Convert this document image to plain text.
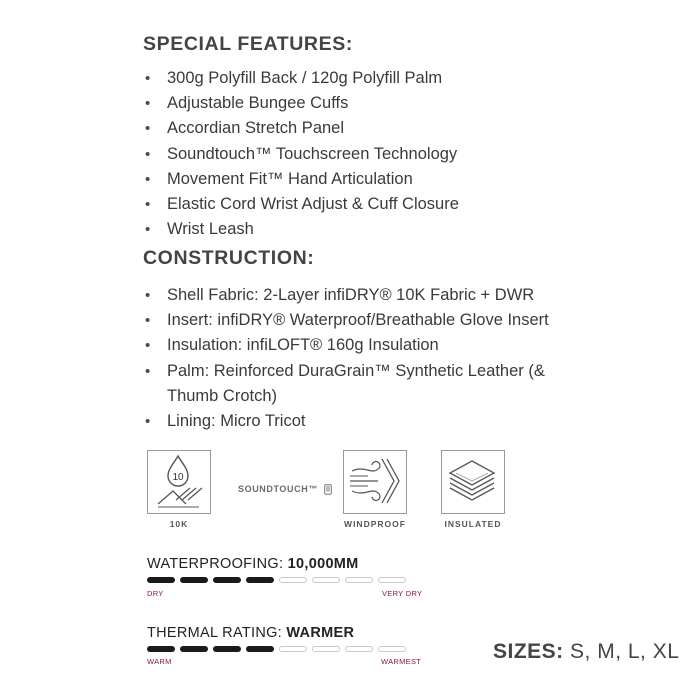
SPECIAL FEATURES:
• 300g Polyfill Back / 120g Polyfill Palm
• Adjustable Bungee Cuffs
• Accordian Stretch Panel
• Soundtouch™ Touchscreen Technology
• Movement Fit™ Hand Articulation
• Elastic Cord Wrist Adjust & Cuff Closure
• Wrist Leash
CONSTRUCTION:
• Shell Fabric: 2-Layer infiDRY® 10K Fabric + DWR
• Insert: infiDRY® Waterproof/Breathable Glove Insert
• Insulation: infiLOFT® 160g Insulation
• Palm: Reinforced DuraGrain™ Synthetic Leather (& Thumb Crotch)
• Lining: Micro Tricot
10
10K
SOUNDTOUCH™
WINDPROOF	INSULATED
WATERPROOFING: 10,000MM
DRY	VERY DRY
THERMAL RATING: WARMER
WARM	WARMEST	SIZES: S, M, L, XL
